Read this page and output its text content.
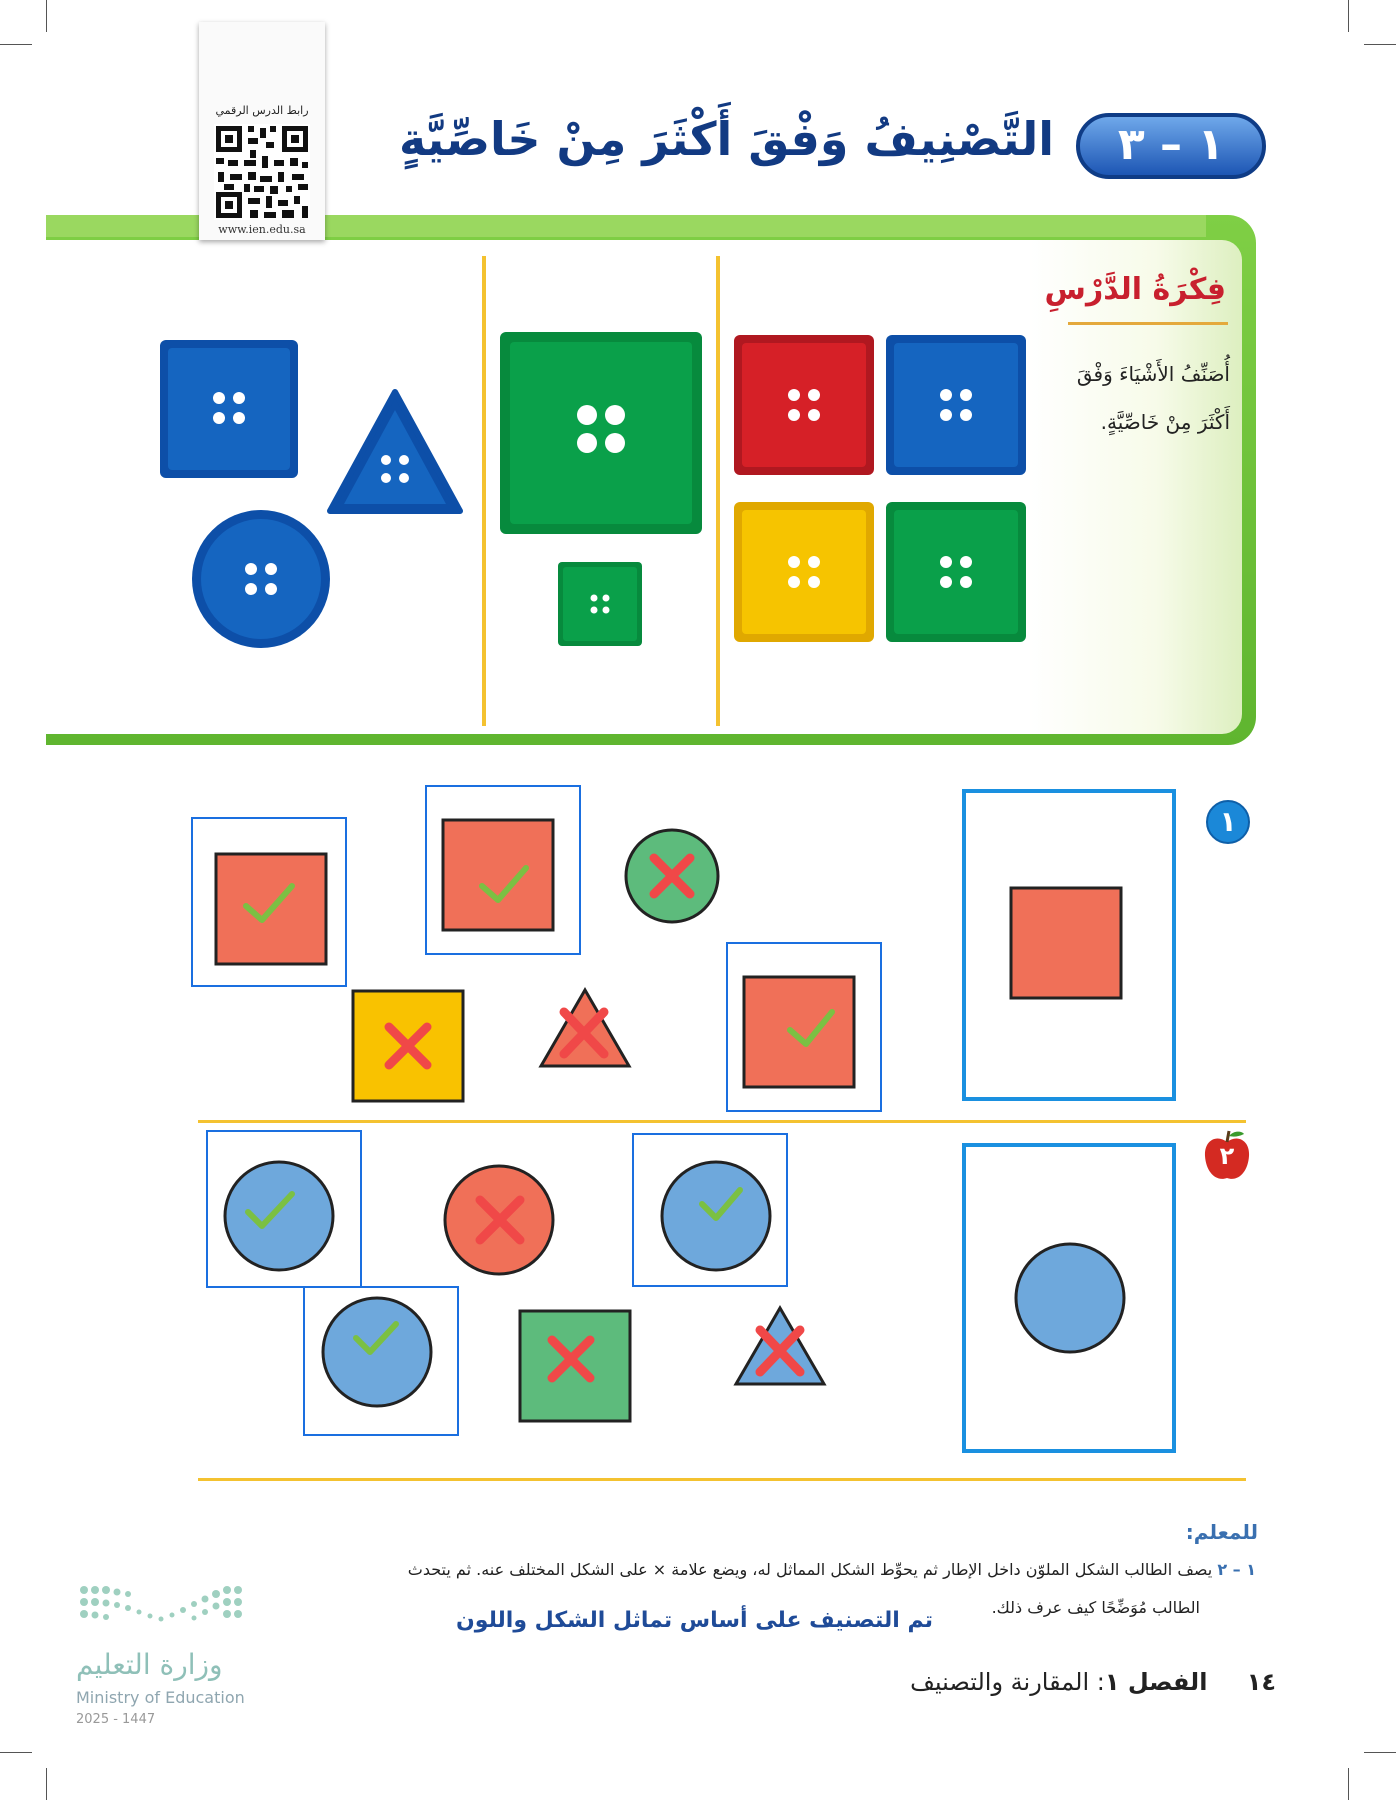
رابط الدرس الرقمي
www.ien.edu.sa
١ – ٣
التَّصْنِيفُ وَفْقَ أَكْثَرَ مِنْ خَاصِّيَّةٍ
فِكْرَةُ الدَّرْسِ
أُصَنِّفُ الأَشْيَاءَ وَفْقَ
أَكْثَرَ مِنْ خَاصِّيَّةٍ.
١
٢
للمعلم:
١ – ٢ يصف الطالب الشكل الملوّن داخل الإطار ثم يحوِّط الشكل المماثل له، ويضع علامة × على الشكل المختلف عنه. ثم يتحدث
الطالب مُوَضِّحًا كيف عرف ذلك.
تم التصنيف على أساس تماثل الشكل واللون
١٤  الفصل ١: المقارنة والتصنيف
وزارة التعليم
Ministry of Education
2025 - 1447
